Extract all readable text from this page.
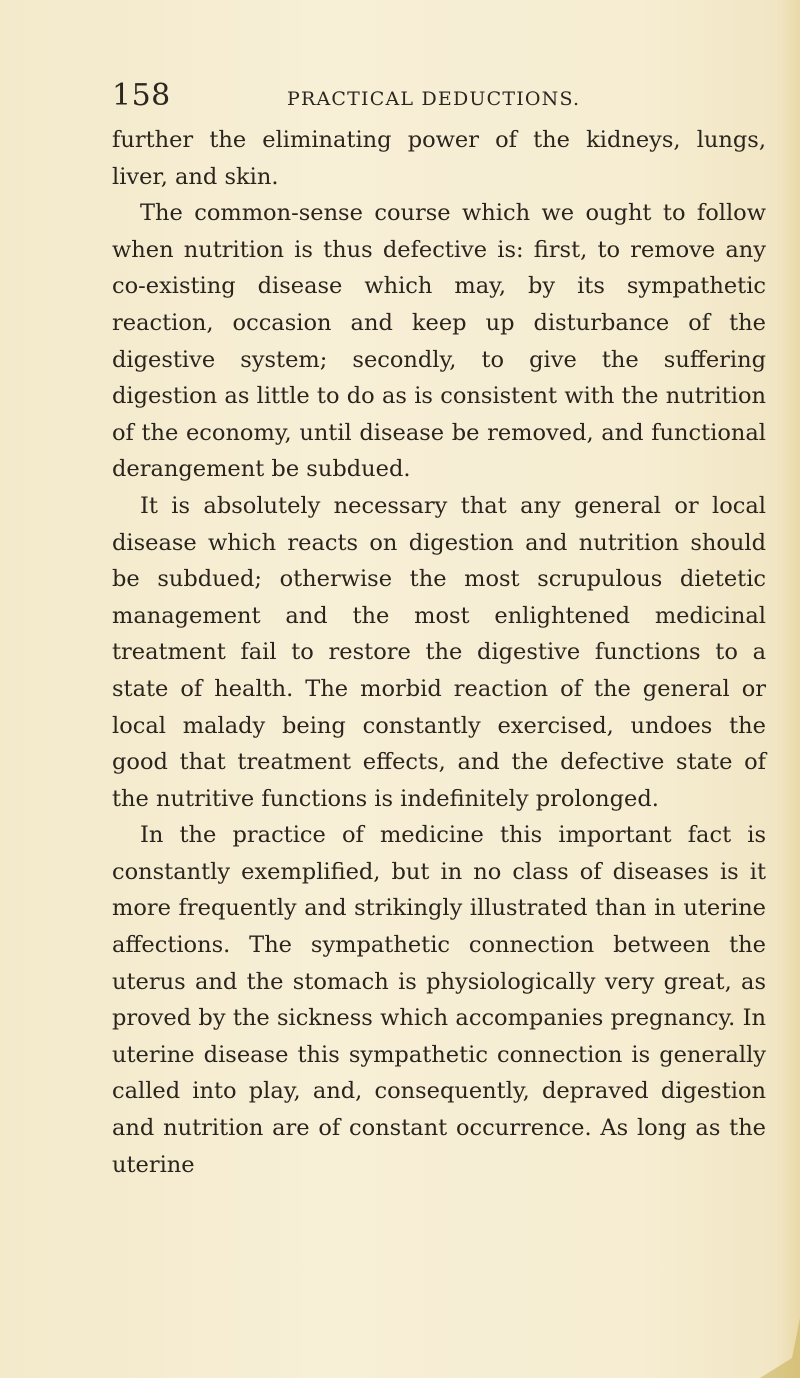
158	PRACTICAL DEDUCTIONS.

further the eliminating power of the kidneys, lungs, liver, and skin.

The common-sense course which we ought to follow when nutrition is thus defective is: first, to remove any co-existing disease which may, by its sympathetic reaction, occasion and keep up disturbance of the digestive system; secondly, to give the suffering digestion as little to do as is consistent with the nutrition of the economy, until disease be removed, and functional derangement be subdued.

It is absolutely necessary that any general or local disease which reacts on digestion and nutrition should be subdued; otherwise the most scrupulous dietetic management and the most enlightened medicinal treatment fail to restore the digestive functions to a state of health. The morbid reaction of the general or local malady being constantly exercised, undoes the good that treatment effects, and the defective state of the nutritive functions is indefinitely prolonged.

In the practice of medicine this important fact is constantly exemplified, but in no class of diseases is it more frequently and strikingly illustrated than in uterine affections. The sympathetic connection between the uterus and the stomach is physiologically very great, as proved by the sickness which accompanies pregnancy. In uterine disease this sympathetic connection is generally called into play, and, consequently, depraved digestion and nutrition are of constant occurrence. As long as the uterine
